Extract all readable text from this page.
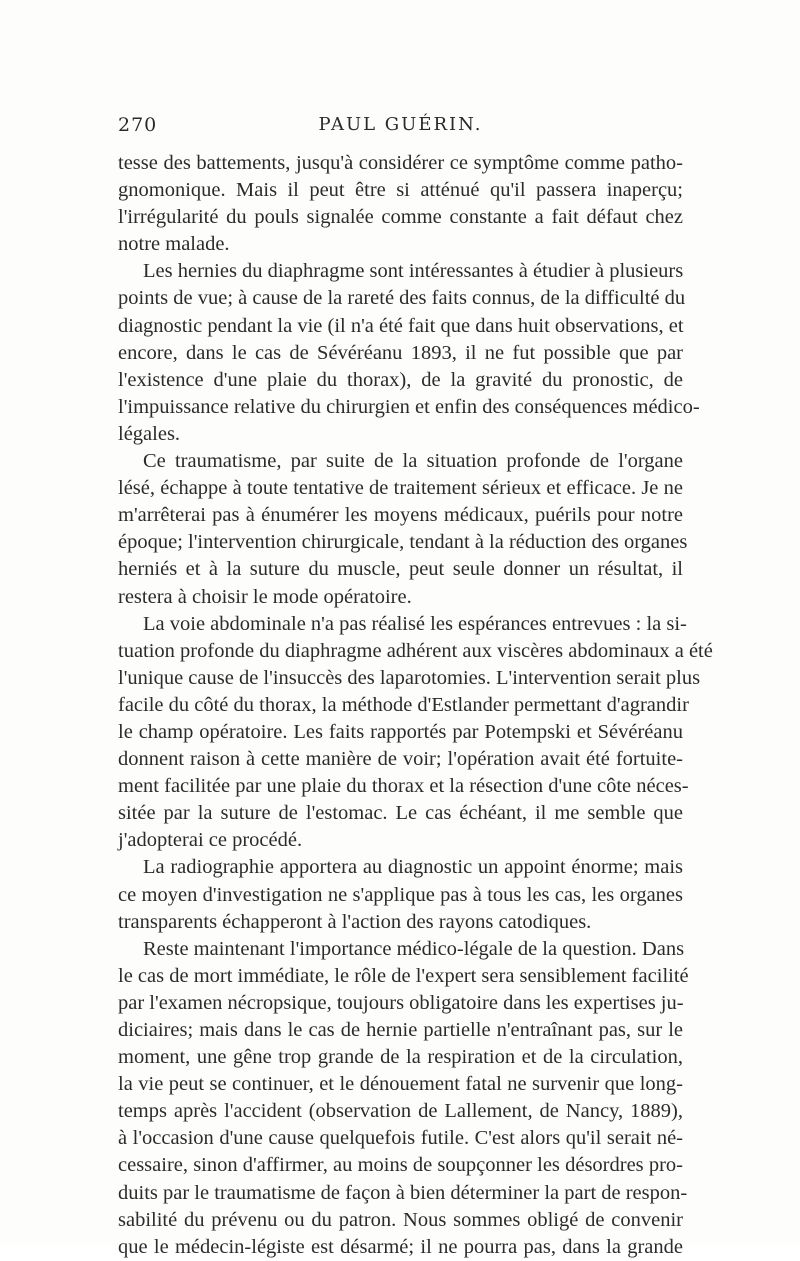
270	PAUL GUÉRIN.

tesse des battements, jusqu'à considérer ce symptôme comme patho-
gnomonique. Mais il peut être si atténué qu'il passera inaperçu;
l'irrégularité du pouls signalée comme constante a fait défaut chez
notre malade.

Les hernies du diaphragme sont intéressantes à étudier à plusieurs
points de vue; à cause de la rareté des faits connus, de la difficulté du
diagnostic pendant la vie (il n'a été fait que dans huit observations, et
encore, dans le cas de Sévéréanu 1893, il ne fut possible que par
l'existence d'une plaie du thorax), de la gravité du pronostic, de
l'impuissance relative du chirurgien et enfin des conséquences médico-
légales.

Ce traumatisme, par suite de la situation profonde de l'organe
lésé, échappe à toute tentative de traitement sérieux et efficace. Je ne
m'arrêterai pas à énumérer les moyens médicaux, puérils pour notre
époque; l'intervention chirurgicale, tendant à la réduction des organes
herniés et à la suture du muscle, peut seule donner un résultat, il
restera à choisir le mode opératoire.

La voie abdominale n'a pas réalisé les espérances entrevues : la si-
tuation profonde du diaphragme adhérent aux viscères abdominaux a été
l'unique cause de l'insuccès des laparotomies. L'intervention serait plus
facile du côté du thorax, la méthode d'Estlander permettant d'agrandir
le champ opératoire. Les faits rapportés par Potempski et Sévéréanu
donnent raison à cette manière de voir; l'opération avait été fortuite-
ment facilitée par une plaie du thorax et la résection d'une côte néces-
sitée par la suture de l'estomac. Le cas échéant, il me semble que
j'adopterai ce procédé.

La radiographie apportera au diagnostic un appoint énorme; mais
ce moyen d'investigation ne s'applique pas à tous les cas, les organes
transparents échapperont à l'action des rayons catodiques.

Reste maintenant l'importance médico-légale de la question. Dans
le cas de mort immédiate, le rôle de l'expert sera sensiblement facilité
par l'examen nécropsique, toujours obligatoire dans les expertises ju-
diciaires; mais dans le cas de hernie partielle n'entraînant pas, sur le
moment, une gêne trop grande de la respiration et de la circulation,
la vie peut se continuer, et le dénouement fatal ne survenir que long-
temps après l'accident (observation de Lallement, de Nancy, 1889),
à l'occasion d'une cause quelquefois futile. C'est alors qu'il serait né-
cessaire, sinon d'affirmer, au moins de soupçonner les désordres pro-
duits par le traumatisme de façon à bien déterminer la part de respon-
sabilité du prévenu ou du patron. Nous sommes obligé de convenir
que le médecin-légiste est désarmé; il ne pourra pas, dans la grande
